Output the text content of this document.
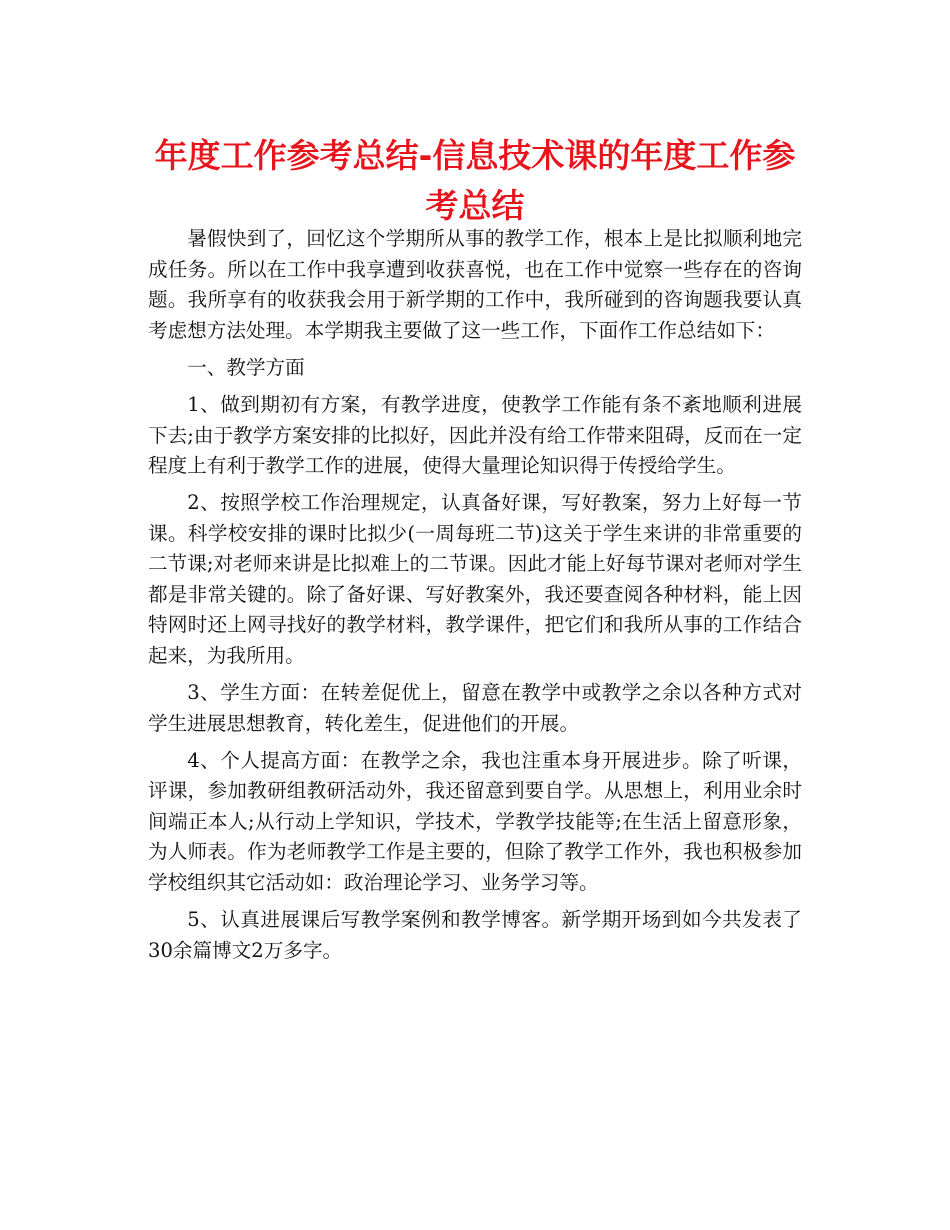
年度工作参考总结-信息技术课的年度工作参考总结

暑假快到了，回忆这个学期所从事的教学工作，根本上是比拟顺利地完成任务。所以在工作中我享遭到收获喜悦，也在工作中觉察一些存在的咨询题。我所享有的收获我会用于新学期的工作中，我所碰到的咨询题我要认真考虑想方法处理。本学期我主要做了这一些工作，下面作工作总结如下：

一、教学方面

1、做到期初有方案，有教学进度，使教学工作能有条不紊地顺利进展下去;由于教学方案安排的比拟好，因此并没有给工作带来阻碍，反而在一定程度上有利于教学工作的进展，使得大量理论知识得于传授给学生。

2、按照学校工作治理规定，认真备好课，写好教案，努力上好每一节课。科学校安排的课时比拟少(一周每班二节)这关于学生来讲的非常重要的二节课;对老师来讲是比拟难上的二节课。因此才能上好每节课对老师对学生都是非常关键的。除了备好课、写好教案外，我还要查阅各种材料，能上因特网时还上网寻找好的教学材料，教学课件，把它们和我所从事的工作结合起来，为我所用。

3、学生方面：在转差促优上，留意在教学中或教学之余以各种方式对学生进展思想教育，转化差生，促进他们的开展。

4、个人提高方面：在教学之余，我也注重本身开展进步。除了听课，评课，参加教研组教研活动外，我还留意到要自学。从思想上，利用业余时间端正本人;从行动上学知识，学技术，学教学技能等;在生活上留意形象，为人师表。作为老师教学工作是主要的，但除了教学工作外，我也积极参加学校组织其它活动如：政治理论学习、业务学习等。

5、认真进展课后写教学案例和教学博客。新学期开场到如今共发表了30余篇博文2万多字。
